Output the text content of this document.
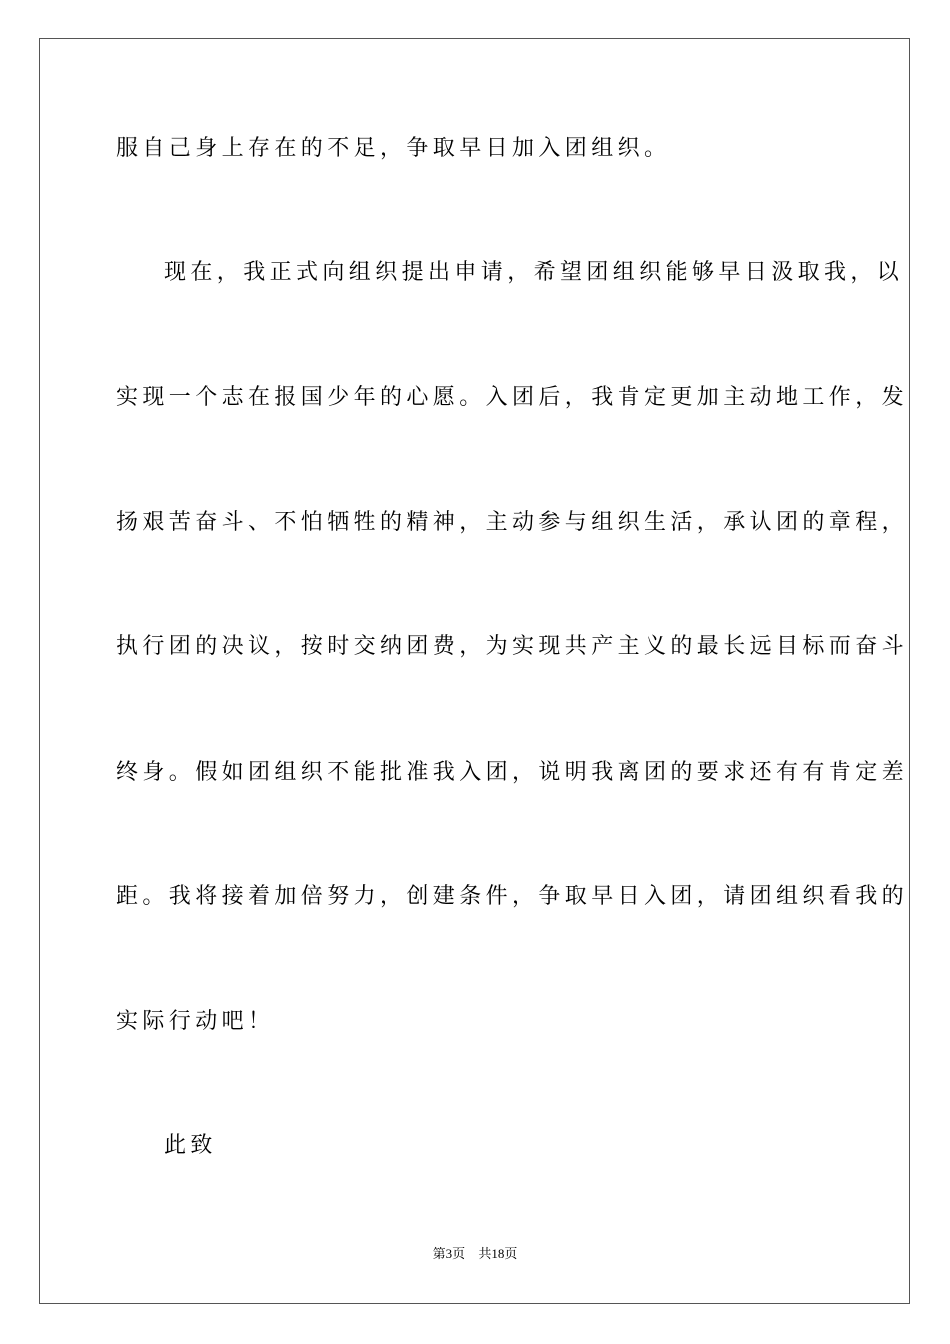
服自己身上存在的不足，争取早日加入团组织。
现在，我正式向组织提出申请，希望团组织能够早日汲取我，以
实现一个志在报国少年的心愿。入团后，我肯定更加主动地工作，发
扬艰苦奋斗、不怕牺牲的精神，主动参与组织生活，承认团的章程，
执行团的决议，按时交纳团费，为实现共产主义的最长远目标而奋斗
终身。假如团组织不能批准我入团，说明我离团的要求还有有肯定差
距。我将接着加倍努力，创建条件，争取早日入团，请团组织看我的
实际行动吧！
此致
第3页 共18页
